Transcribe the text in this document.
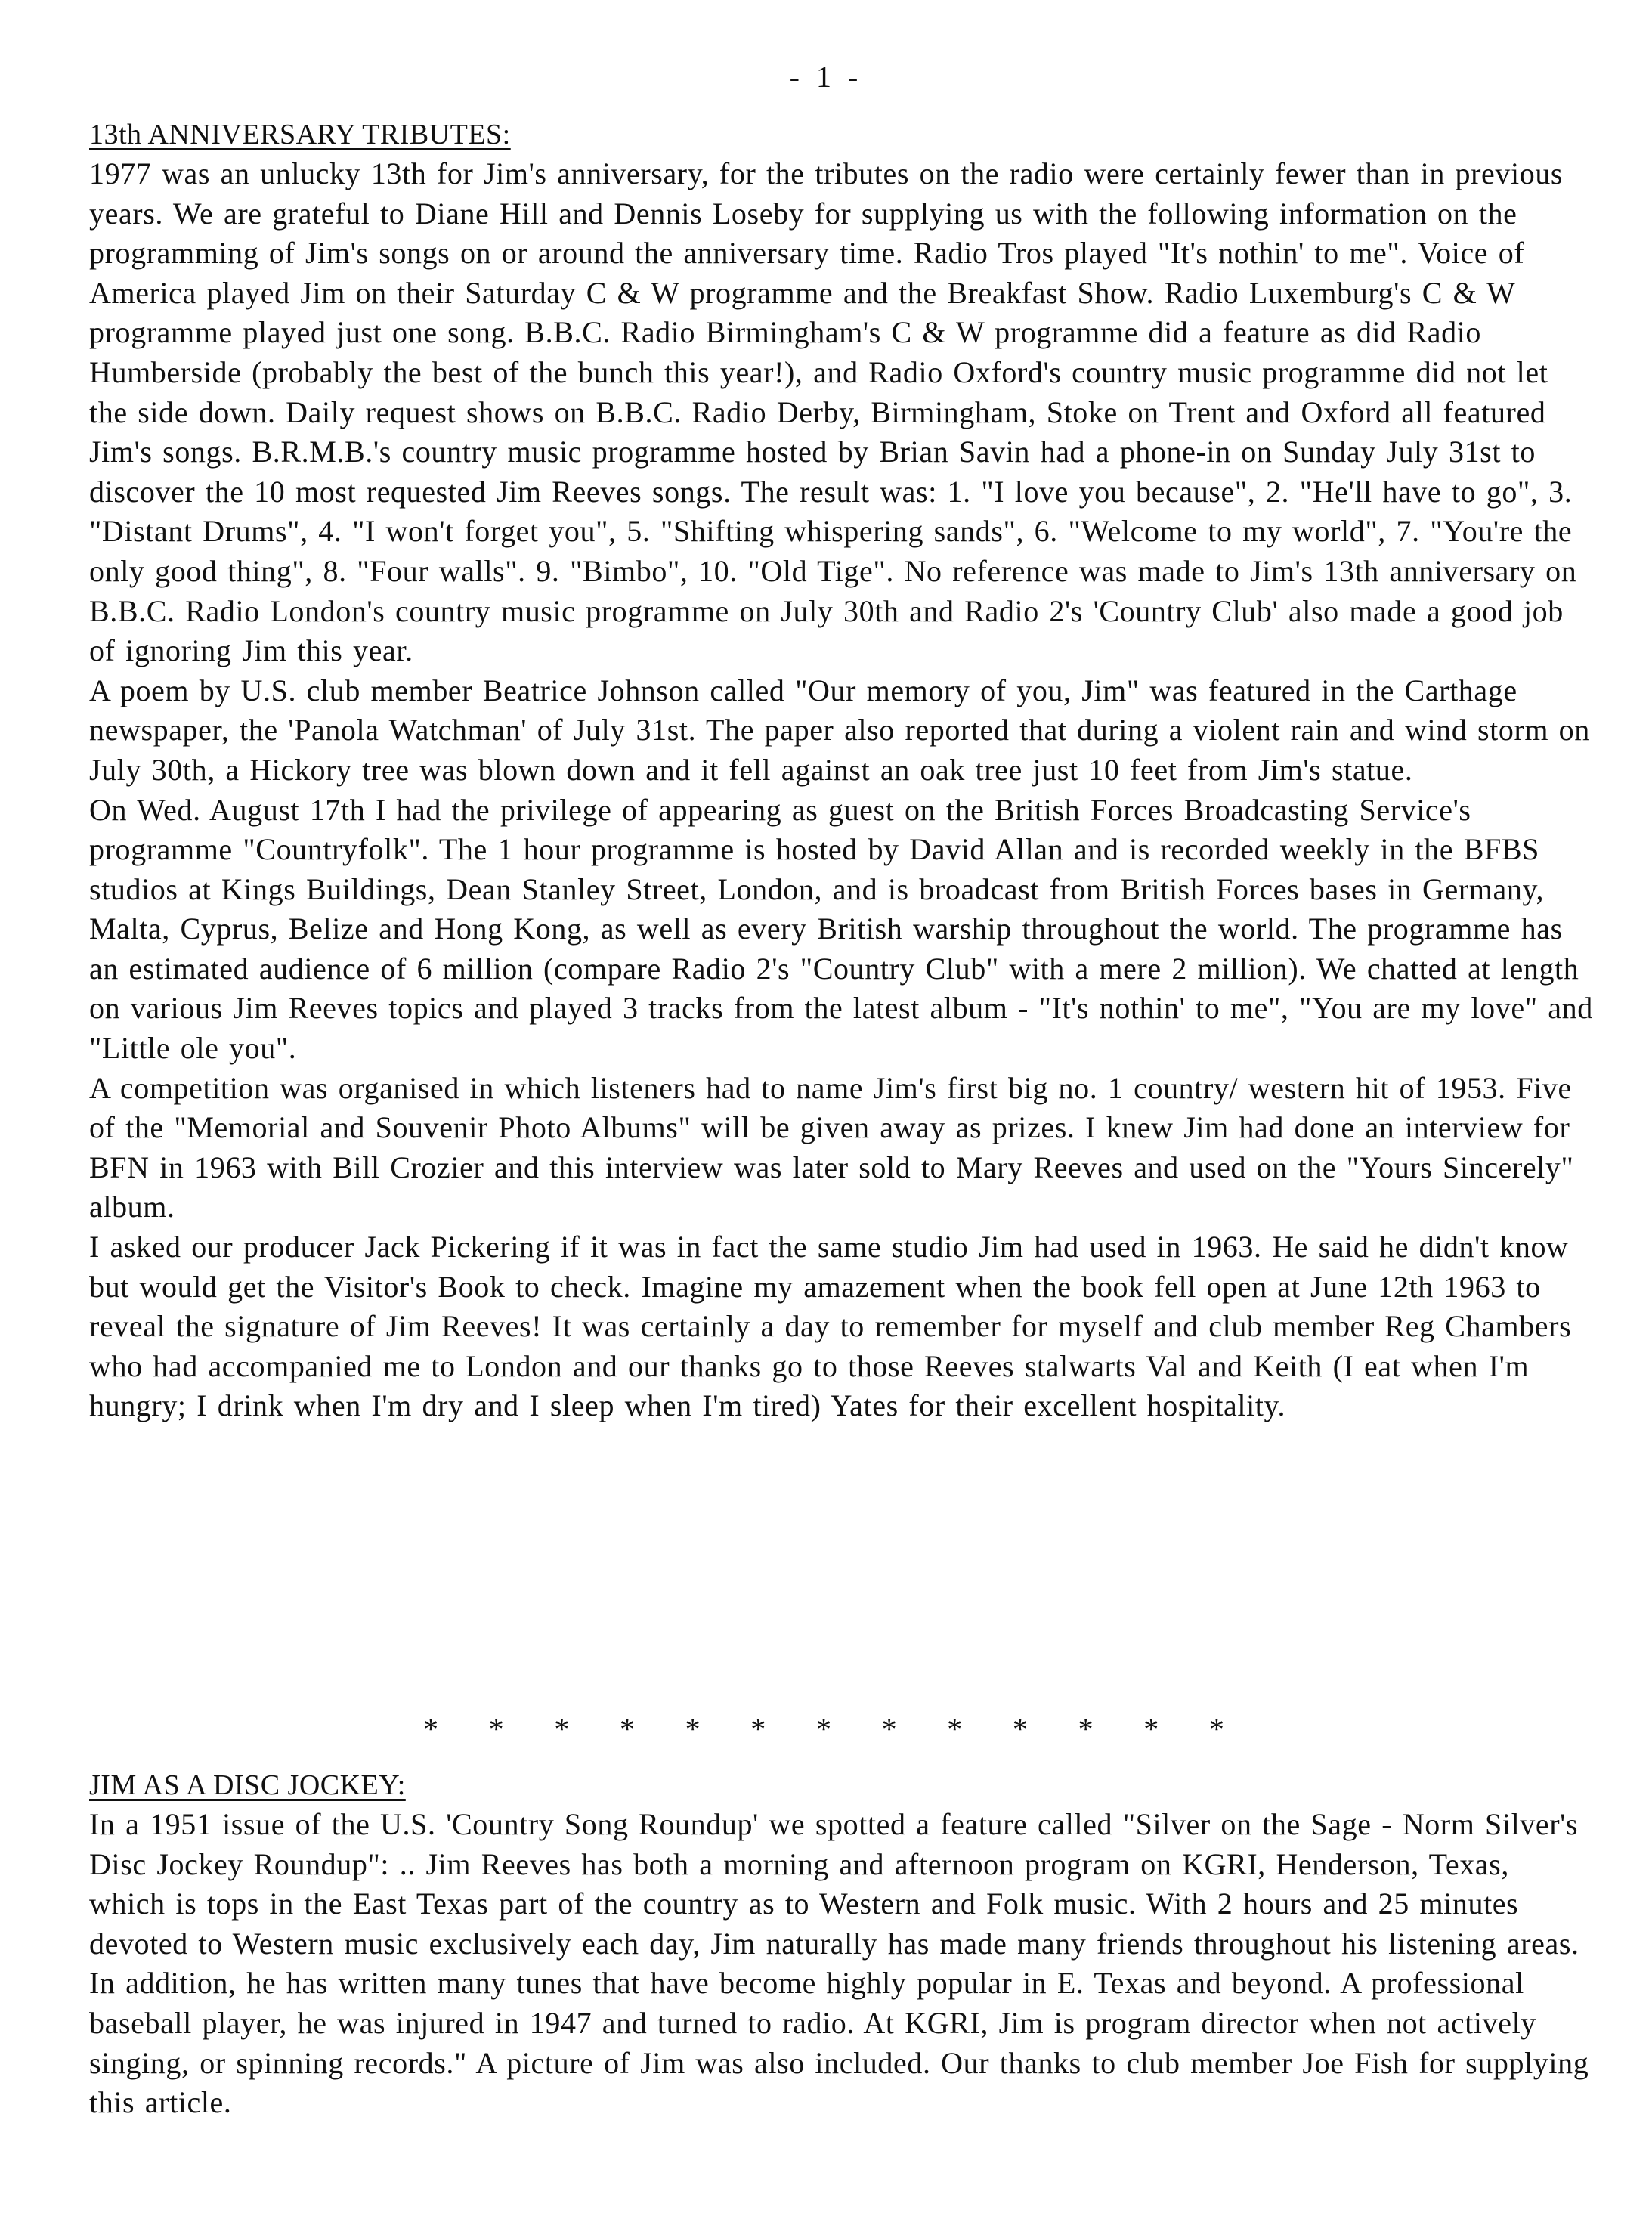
- 1 -
13th ANNIVERSARY TRIBUTES:

1977 was an unlucky 13th for Jim's anniversary, for the tributes on the radio were certainly fewer than in previous years. We are grateful to Diane Hill and Dennis Loseby for supplying us with the following information on the programming of Jim's songs on or around the anniversary time. Radio Tros played "It's nothin' to me". Voice of America played Jim on their Saturday C & W programme and the Breakfast Show. Radio Luxemburg's C & W programme played just one song. B.B.C. Radio Birmingham's C & W programme did a feature as did Radio Humberside (probably the best of the bunch this year!), and Radio Oxford's country music programme did not let the side down. Daily request shows on B.B.C. Radio Derby, Birmingham, Stoke on Trent and Oxford all featured Jim's songs. B.R.M.B.'s country music programme hosted by Brian Savin had a phone-in on Sunday July 31st to discover the 10 most requested Jim Reeves songs. The result was: 1. "I love you because", 2. "He'll have to go", 3. "Distant Drums", 4. "I won't forget you", 5. "Shifting whispering sands", 6. "Welcome to my world", 7. "You're the only good thing", 8. "Four walls". 9. "Bimbo", 10. "Old Tige". No reference was made to Jim's 13th anniversary on B.B.C. Radio London's country music programme on July 30th and Radio 2's 'Country Club' also made a good job of ignoring Jim this year.

A poem by U.S. club member Beatrice Johnson called "Our memory of you, Jim" was featured in the Carthage newspaper, the 'Panola Watchman' of July 31st. The paper also reported that during a violent rain and wind storm on July 30th, a Hickory tree was blown down and it fell against an oak tree just 10 feet from Jim's statue.

On Wed. August 17th I had the privilege of appearing as guest on the British Forces Broadcasting Service's programme "Countryfolk". The 1 hour programme is hosted by David Allan and is recorded weekly in the BFBS studios at Kings Buildings, Dean Stanley Street, London, and is broadcast from British Forces bases in Germany, Malta, Cyprus, Belize and Hong Kong, as well as every British warship throughout the world. The programme has an estimated audience of 6 million (compare Radio 2's "Country Club" with a mere 2 million). We chatted at length on various Jim Reeves topics and played 3 tracks from the latest album - "It's nothin' to me", "You are my love" and "Little ole you".

A competition was organised in which listeners had to name Jim's first big no. 1 country/ western hit of 1953. Five of the "Memorial and Souvenir Photo Albums" will be given away as prizes. I knew Jim had done an interview for BFN in 1963 with Bill Crozier and this interview was later sold to Mary Reeves and used on the "Yours Sincerely" album.

I asked our producer Jack Pickering if it was in fact the same studio Jim had used in 1963. He said he didn't know but would get the Visitor's Book to check. Imagine my amazement when the book fell open at June 12th 1963 to reveal the signature of Jim Reeves! It was certainly a day to remember for myself and club member Reg Chambers who had accompanied me to London and our thanks go to those Reeves stalwarts Val and Keith (I eat when I'm hungry; I drink when I'm dry and I sleep when I'm tired) Yates for their excellent hospitality.

* * * * * * * * * * * * *
JIM AS A DISC JOCKEY:

In a 1951 issue of the U.S. 'Country Song Roundup' we spotted a feature called "Silver on the Sage - Norm Silver's Disc Jockey Roundup": .. Jim Reeves has both a morning and afternoon program on KGRI, Henderson, Texas, which is tops in the East Texas part of the country as to Western and Folk music. With 2 hours and 25 minutes devoted to Western music exclusively each day, Jim naturally has made many friends throughout his listening areas. In addition, he has written many tunes that have become highly popular in E. Texas and beyond. A professional baseball player, he was injured in 1947 and turned to radio. At KGRI, Jim is program director when not actively singing, or spinning records." A picture of Jim was also included. Our thanks to club member Joe Fish for supplying this article.
